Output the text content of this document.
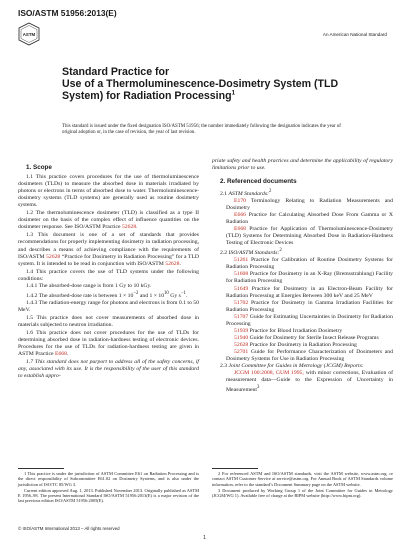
ISO/ASTM 51956:2013(E)
ASTM	An American National Standard
Standard Practice for
Use of a Thermoluminescence-Dosimetry System (TLD
System) for Radiation Processing$^1$
This standard is issued under the fixed designation ISO/ASTM 51956; the number immediately following the designation indicates the year of original adoption or, in the case of revision, the year of last revision.
1. Scope

1.1 This practice covers procedures for the use of thermoluminescence dosimeters (TLDs) to measure the absorbed dose in materials irradiated by photons or electrons in terms of absorbed dose to water. Thermoluminescence-dosimetry systems (TLD systems) are generally used as routine dosimetry systems.

1.2 The thermoluminescence dosimeter (TLD) is classified as a type II dosimeter on the basis of the complex effect of influence quantities on the dosimeter response. See ISO/ASTM Practice 52628.

1.3 This document is one of a set of standards that provides recommendations for properly implementing dosimetry in radiation processing, and describes a means of achieving compliance with the requirements of ISO/ASTM 52628 “Practice for Dosimetry in Radiation Processing” for a TLD system. It is intended to be read in conjunction with ISO/ASTM 52628.

1.4 This practice covers the use of TLD systems under the following conditions:

1.4.1 The absorbed-dose range is from 1 Gy to 10 kGy.

1.4.2 The absorbed-dose rate is between $1 \times 10^{-2}$ and $1 \times 10^{10}$ Gy $s^{-1}$.

1.4.3 The radiation-energy range for photons and electrons is from 0.1 to 50 MeV.

1.5 This practice does not cover measurements of absorbed dose in materials subjected to neutron irradiation.

1.6 This practice does not cover procedures for the use of TLDs for determining absorbed dose in radiation-hardness testing of electronic devices. Procedures for the use of TLDs for radiation-hardness testing are given in ASTM Practice E668.

1.7 This standard does not purport to address all of the safety concerns, if any, associated with its use. It is the responsibility of the user of this standard to establish appro-

priate safety and health practices and determine the applicability of regulatory limitations prior to use.

2. Referenced documents

2.1 ASTM Standards:$^2$

E170 Terminology Relating to Radiation Measurements and Dosimetry

E666 Practice for Calculating Absorbed Dose From Gamma or X Radiation

E668 Practice for Application of Thermoluminescence-Dosimetry (TLD) Systems for Determining Absorbed Dose in Radiation-Hardness Testing of Electronic Devices

2.2 ISO/ASTM Standards:$^2$

51261 Practice for Calibration of Routine Dosimetry Systems for Radiation Processing

51608 Practice for Dosimetry in an X-Ray (Bremsstrahlung) Facility for Radiation Processing

51649 Practice for Dosimetry in an Electron-Beam Facility for Radiation Processing at Energies Between 300 keV and 25 MeV

51702 Practice for Dosimetry in Gamma Irradiation Facilities for Radiation Processing

51707 Guide for Estimating Uncertainties in Dosimetry for Radiation Processing

51939 Practice for Blood Irradiation Dosimetry

51940 Guide for Dosimetry for Sterile Insect Release Programs

52628 Practice for Dosimetry in Radiation Processing

52701 Guide for Performance Characterization of Dosimeters and Dosimetry Systems for Use in Radiation Processing

2.3 Joint Committee for Guides in Metrology (JCGM) Reports:

JCGM 100:2008, GUM 1995, with minor corrections, Evaluation of measurement data—Guide to the Expression of Uncertainty in Measurement$^3$

1 This practice is under the jurisdiction of ASTM Committee E61 on Radiation Processing and is the direct responsibility of Subcommittee E61.02 on Dosimetry Systems, and is also under the jurisdiction of ISO/TC 85/WG 3.

Current edition approved Aug. 1, 2013. Published November 2013. Originally published as ASTM E 1956–98. The present International Standard ISO/ASTM 51956:2013(E) is a major revision of the last previous edition ISO/ASTM 51956:2005(E).

2 For referenced ASTM and ISO/ASTM standards, visit the ASTM website, www.astm.org, or contact ASTM Customer Service at service@astm.org. For Annual Book of ASTM Standards volume information, refer to the standard’s Document Summary page on the ASTM website.

3 Document produced by Working Group 1 of the Joint Committee for Guides in Metrology (JCGM/WG 1). Available free of charge at the BIPM website (http://www.bipm.org).

© ISO/ASTM International 2013 – All rights reserved
1
